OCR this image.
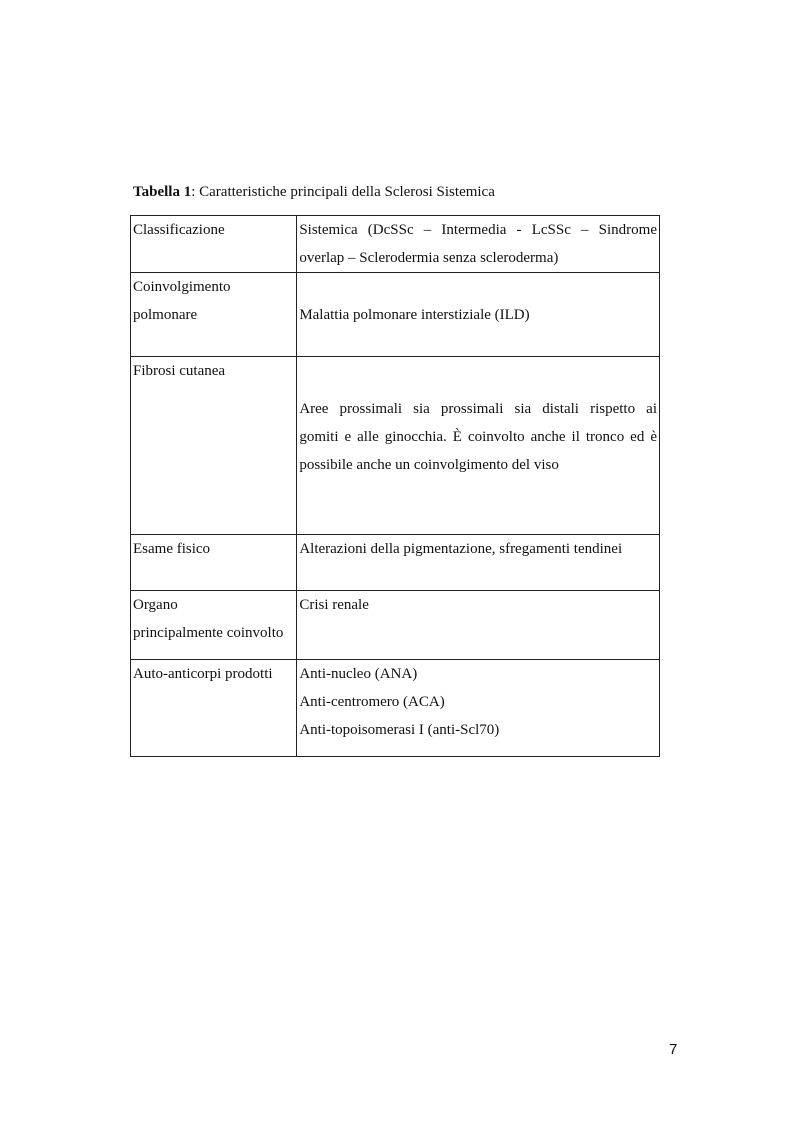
Tabella 1: Caratteristiche principali della Sclerosi Sistemica
Classificazione	Sistemica (DcSSc – Intermedia - LcSSc – Sindrome
overlap – Sclerodermia senza scleroderma)

Coinvolgimento
polmonare	Malattia polmonare interstiziale (ILD)

Fibrosi cutanea	Aree prossimali sia prossimali sia distali rispetto ai
gomiti e alle ginocchia. È coinvolto anche il tronco ed è
possibile anche un coinvolgimento del viso

Esame fisico	Alterazioni della pigmentazione, sfregamenti tendinei

Organo
principalmente coinvolto	Crisi renale

Auto-anticorpi prodotti	Anti-nucleo (ANA)
Anti-centromero (ACA)
Anti-topoisomerasi I (anti-Scl70)
7
